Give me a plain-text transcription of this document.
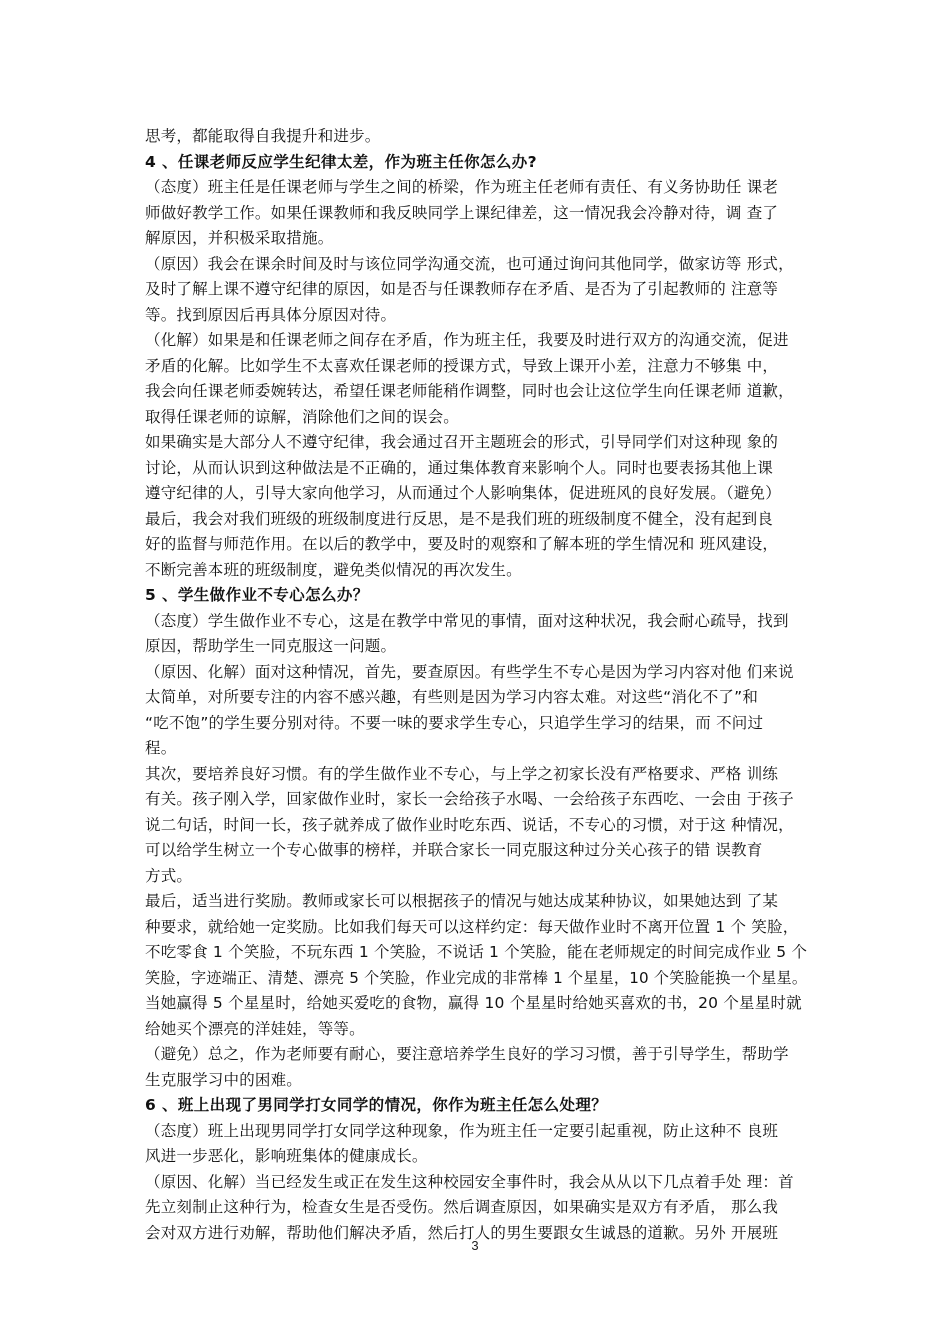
思考，都能取得自我提升和进步。
4 、任课老师反应学生纪律太差，作为班主任你怎么办?
（态度）班主任是任课老师与学生之间的桥梁，作为班主任老师有责任、有义务协助任 课老
师做好教学工作。如果任课教师和我反映同学上课纪律差，这一情况我会冷静对待，调 查了
解原因，并积极采取措施。
（原因）我会在课余时间及时与该位同学沟通交流，也可通过询问其他同学，做家访等 形式，
及时了解上课不遵守纪律的原因，如是否与任课教师存在矛盾、是否为了引起教师的 注意等
等。找到原因后再具体分原因对待。
（化解）如果是和任课老师之间存在矛盾，作为班主任，我要及时进行双方的沟通交流，促进
矛盾的化解。比如学生不太喜欢任课老师的授课方式，导致上课开小差，注意力不够集 中，
我会向任课老师委婉转达，希望任课老师能稍作调整，同时也会让这位学生向任课老师 道歉，
取得任课老师的谅解，消除他们之间的误会。
如果确实是大部分人不遵守纪律，我会通过召开主题班会的形式，引导同学们对这种现 象的
讨论，从而认识到这种做法是不正确的，通过集体教育来影响个人。同时也要表扬其他上课
遵守纪律的人，引导大家向他学习，从而通过个人影响集体，促进班风的良好发展。（避免）
最后，我会对我们班级的班级制度进行反思，是不是我们班的班级制度不健全，没有起到良
好的监督与师范作用。在以后的教学中，要及时的观察和了解本班的学生情况和 班风建设，
不断完善本班的班级制度，避免类似情况的再次发生。
5 、学生做作业不专心怎么办？
（态度）学生做作业不专心，这是在教学中常见的事情，面对这种状况，我会耐心疏导，找到
原因，帮助学生一同克服这一问题。
（原因、化解）面对这种情况，首先，要查原因。有些学生不专心是因为学习内容对他 们来说
太简单，对所要专注的内容不感兴趣，有些则是因为学习内容太难。对这些“消化不了”和
“吃不饱”的学生要分别对待。不要一味的要求学生专心，只追学生学习的结果，而 不问过
程。
其次，要培养良好习惯。有的学生做作业不专心，与上学之初家长没有严格要求、严格 训练
有关。孩子刚入学，回家做作业时，家长一会给孩子水喝、一会给孩子东西吃、一会由 于孩子
说二句话，时间一长，孩子就养成了做作业时吃东西、说话，不专心的习惯，对于这 种情况，
可以给学生树立一个专心做事的榜样，并联合家长一同克服这种过分关心孩子的错 误教育
方式。
最后，适当进行奖励。教师或家长可以根据孩子的情况与她达成某种协议，如果她达到 了某
种要求，就给她一定奖励。比如我们每天可以这样约定：每天做作业时不离开位置 1 个 笑脸，
不吃零食 1 个笑脸，不玩东西 1 个笑脸，不说话 1 个笑脸，能在老师规定的时间完成作业 5 个
笑脸，字迹端正、清楚、漂亮 5 个笑脸，作业完成的非常棒 1 个星星，10 个笑脸能换一个星星。
当她赢得 5 个星星时，给她买爱吃的食物，赢得 10 个星星时给她买喜欢的书，20 个星星时就
给她买个漂亮的洋娃娃，等等。
（避免）总之，作为老师要有耐心，要注意培养学生良好的学习习惯，善于引导学生，帮助学
生克服学习中的困难。
6 、班上出现了男同学打女同学的情况，你作为班主任怎么处理？
（态度）班上出现男同学打女同学这种现象，作为班主任一定要引起重视，防止这种不 良班
风进一步恶化，影响班集体的健康成长。
（原因、化解）当已经发生或正在发生这种校园安全事件时，我会从从以下几点着手处 理：首
先立刻制止这种行为，检查女生是否受伤。然后调查原因，如果确实是双方有矛盾， 那么我
会对双方进行劝解，帮助他们解决矛盾，然后打人的男生要跟女生诚恳的道歉。另外 开展班
3
